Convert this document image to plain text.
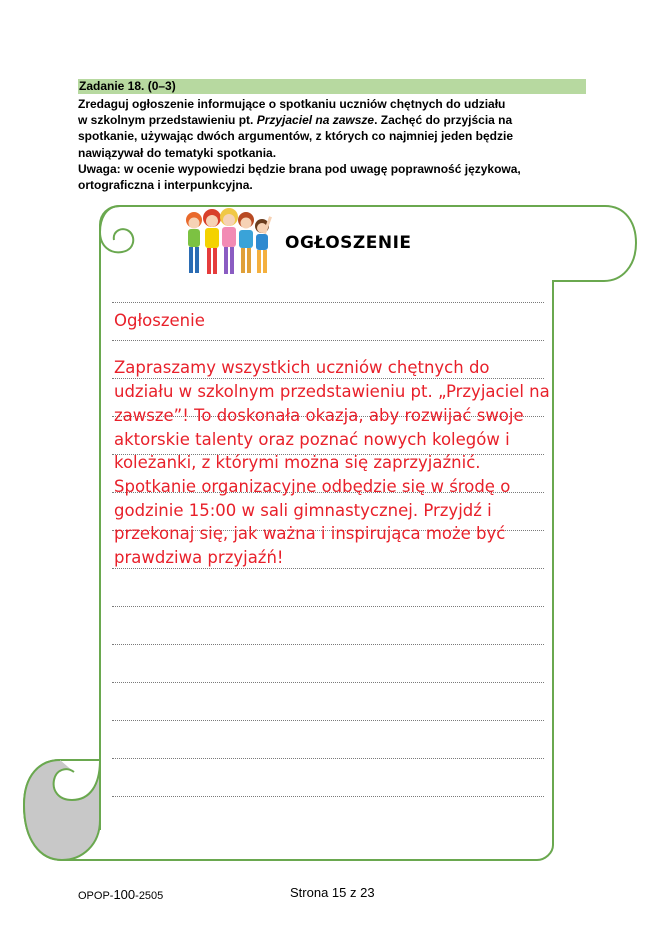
Zadanie 18. (0–3)

Zredaguj ogłoszenie informujące o spotkaniu uczniów chętnych do udziału

w szkolnym przedstawieniu pt. Przyjaciel na zawsze. Zachęć do przyjścia na

spotkanie, używając dwóch argumentów, z których co najmniej jeden będzie

nawiązywał do tematyki spotkania.

Uwaga: w ocenie wypowiedzi będzie brana pod uwagę poprawność językowa,

ortograficzna i interpunkcyjna.

OGŁOSZENIE

Ogłoszenie

Zapraszamy wszystkich uczniów chętnych do udziału w szkolnym przedstawieniu pt. „Przyjaciel na zawsze”! To doskonała okazja, aby rozwijać swoje aktorskie talenty oraz poznać nowych kolegów i koleżanki, z którymi można się zaprzyjaźnić. Spotkanie organizacyjne odbędzie się w środę o godzinie 15:00 w sali gimnastycznej. Przyjdź i przekonaj się, jak ważna i inspirująca może być prawdziwa przyjaźń!

OPOP-100-2505	Strona 15 z 23
